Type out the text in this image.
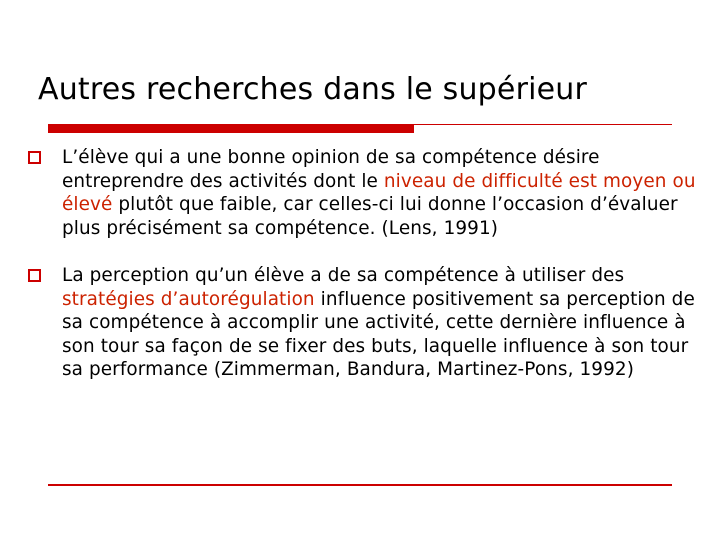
Autres recherches dans le supérieur
L’élève qui a une bonne opinion de sa compétence désire entreprendre des activités dont le niveau de difficulté est moyen ou élevé plutôt que faible, car celles-ci lui donne l’occasion d’évaluer plus précisément sa compétence. (Lens, 1991)
La perception qu’un élève a de sa compétence à utiliser des stratégies d’autorégulation influence positivement sa perception de sa compétence à accomplir une activité, cette dernière influence à son tour sa façon de se fixer des buts, laquelle influence à son tour sa performance (Zimmerman, Bandura, Martinez-Pons, 1992)
